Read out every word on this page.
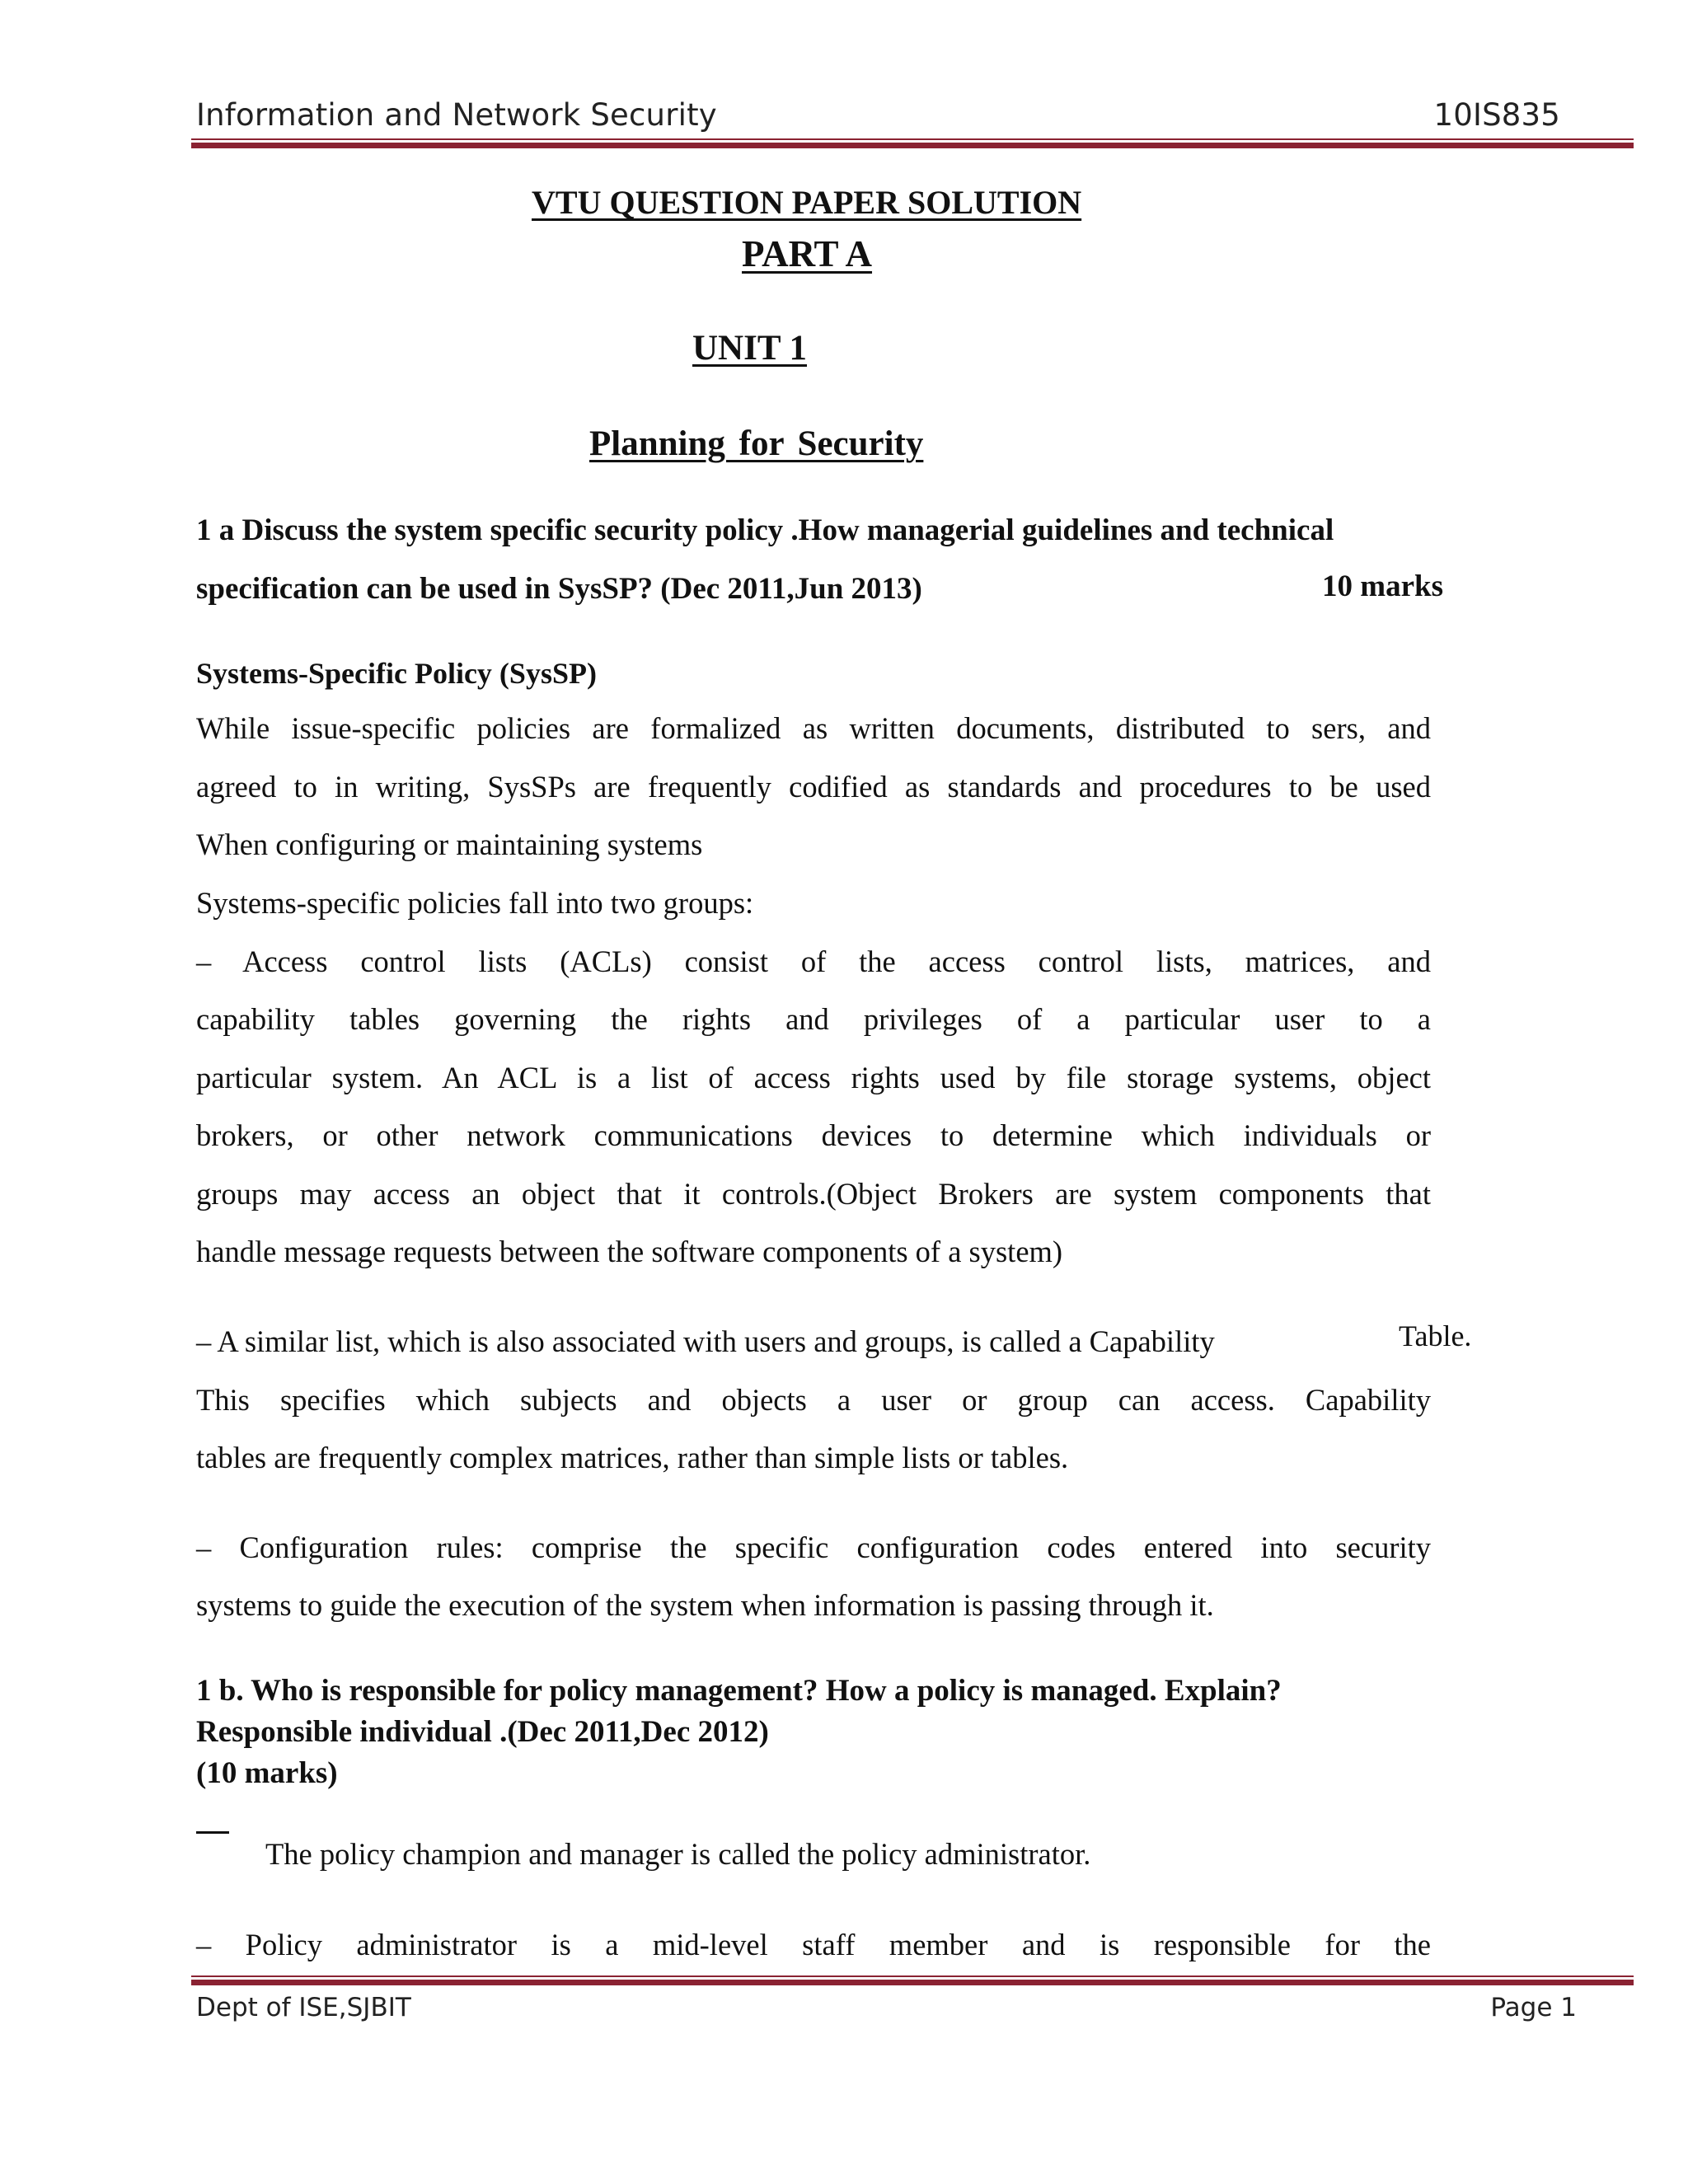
Information and Network Security	10IS835
VTU QUESTION PAPER SOLUTION
PART A
UNIT 1
Planning for Security
1 a Discuss the system specific security policy .How managerial guidelines and technical
specification can be used in SysSP? (Dec 2011,Jun 2013)	10 marks
Systems-Specific Policy (SysSP)
While issue-specific policies are formalized as written documents, distributed to sers, and
agreed to in writing, SysSPs are frequently codified as standards and procedures to be used
When configuring or maintaining systems
Systems-specific policies fall into two groups:
– Access control lists (ACLs) consist of the access control lists, matrices, and
capability tables governing the rights and privileges of a particular user to a
particular system. An ACL is a list of access rights used by file storage systems, object
brokers, or other network communications devices to determine which individuals or
groups may access an object that it controls.(Object Brokers are system components that
handle message requests between the software components of a system)
– A similar list, which is also associated with users and groups, is called a Capability	Table.
This specifies which subjects and objects a user or group can access. Capability
tables are frequently complex matrices, rather than simple lists or tables.
– Configuration rules: comprise the specific configuration codes entered into security
systems to guide the execution of the system when information is passing through it.
1 b. Who is responsible for policy management? How a policy is managed. Explain?
Responsible individual .(Dec 2011,Dec 2012)
(10 marks)
The policy champion and manager is called the policy administrator.
– Policy administrator is a mid-level staff member and is responsible for the
Dept of ISE,SJBIT	Page 1
